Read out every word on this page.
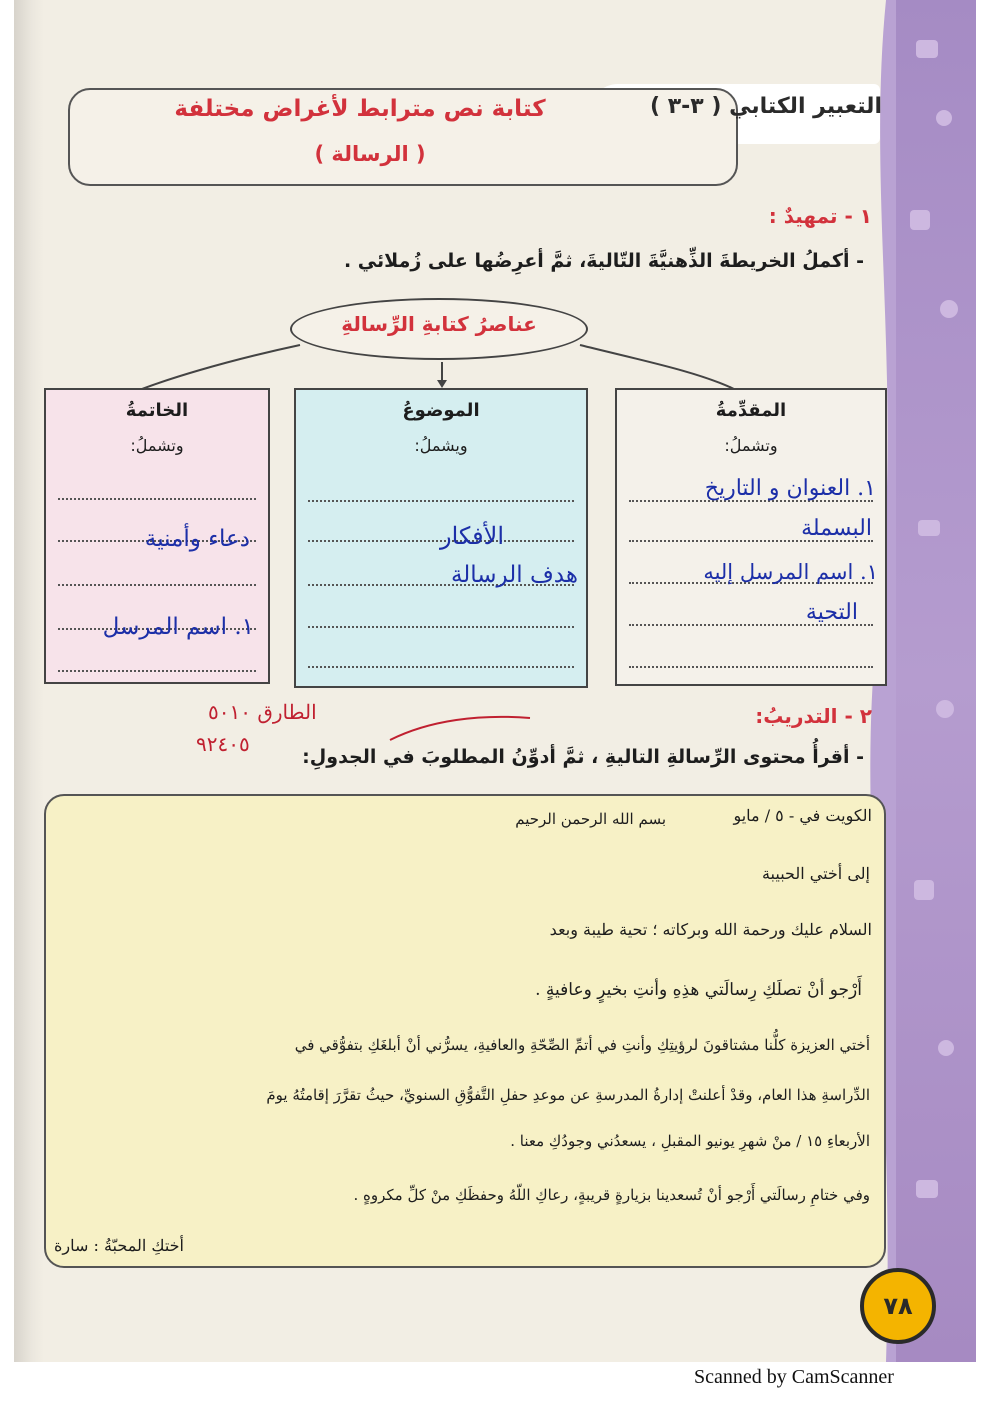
التعبير الكتابي ( ٣-٣ )
كتابة نص مترابط لأغراض مختلفة
( الرسالة )
١ - تمهيدٌ :
- أكملُ الخريطةَ الذِّهنيَّةَ التّاليةَ، ثمَّ أعرِضُها على زُملائي .
عناصرُ كتابةِ الرِّسالةِ
المقدِّمةُ
وتشملُ:
١. العنوان و التاريخ
البسملة
١. اسم المرسل إليه
التحية
الموضوعُ
ويشملُ:
الأفكار
هدف الرسالة
الخاتمةُ
وتشملُ:
دعاء وأمنية
١. اسم المرسل
٢ - التدريبُ:
- أقرأُ محتوى الرِّسالةِ التاليةِ ، ثمَّ أدوِّنُ المطلوبَ في الجدولِ:
الطارق ٥٠١٠
٩٢٤٠٥
الكويت في - ٥ / مايو
بسم الله الرحمن الرحيم
إلى أختي الحبيبة
السلام عليك ورحمة الله وبركاته ؛ تحية طيبة وبعد
أَرْجو أنْ تصلَكِ رِسالَتي هذِهِ وأنتِ بخيرٍ وعافيةٍ .
أختي العزيزة كلُّنا مشتاقونَ لرؤيتِكِ وأنتِ في أتمِّ الصِّحّةِ والعافيةِ، يسرُّني أنْ أبلغَكِ بتفوُّقي في
الدِّراسةِ هذا العام، وقدْ أعلنتْ إدارةُ المدرسةِ عن موعدِ حفلِ التَّفوُّقِ السنويِّ، حيثُ تقرَّرَ إقامتُهُ يومَ
الأربعاءِ ١٥ / منْ شهرِ يونيو المقبلِ ، يسعدُني وجودُكِ معنا .
وفي ختامِ رسالَتي أَرْجو أنْ تُسعدينا بزيارةٍ قريبةٍ، رعاكِ اللّهُ وحفظَكِ منْ كلِّ مكروهٍ .
أختكِ المحبّةُ : سارة
٧٨
Scanned by CamScanner
